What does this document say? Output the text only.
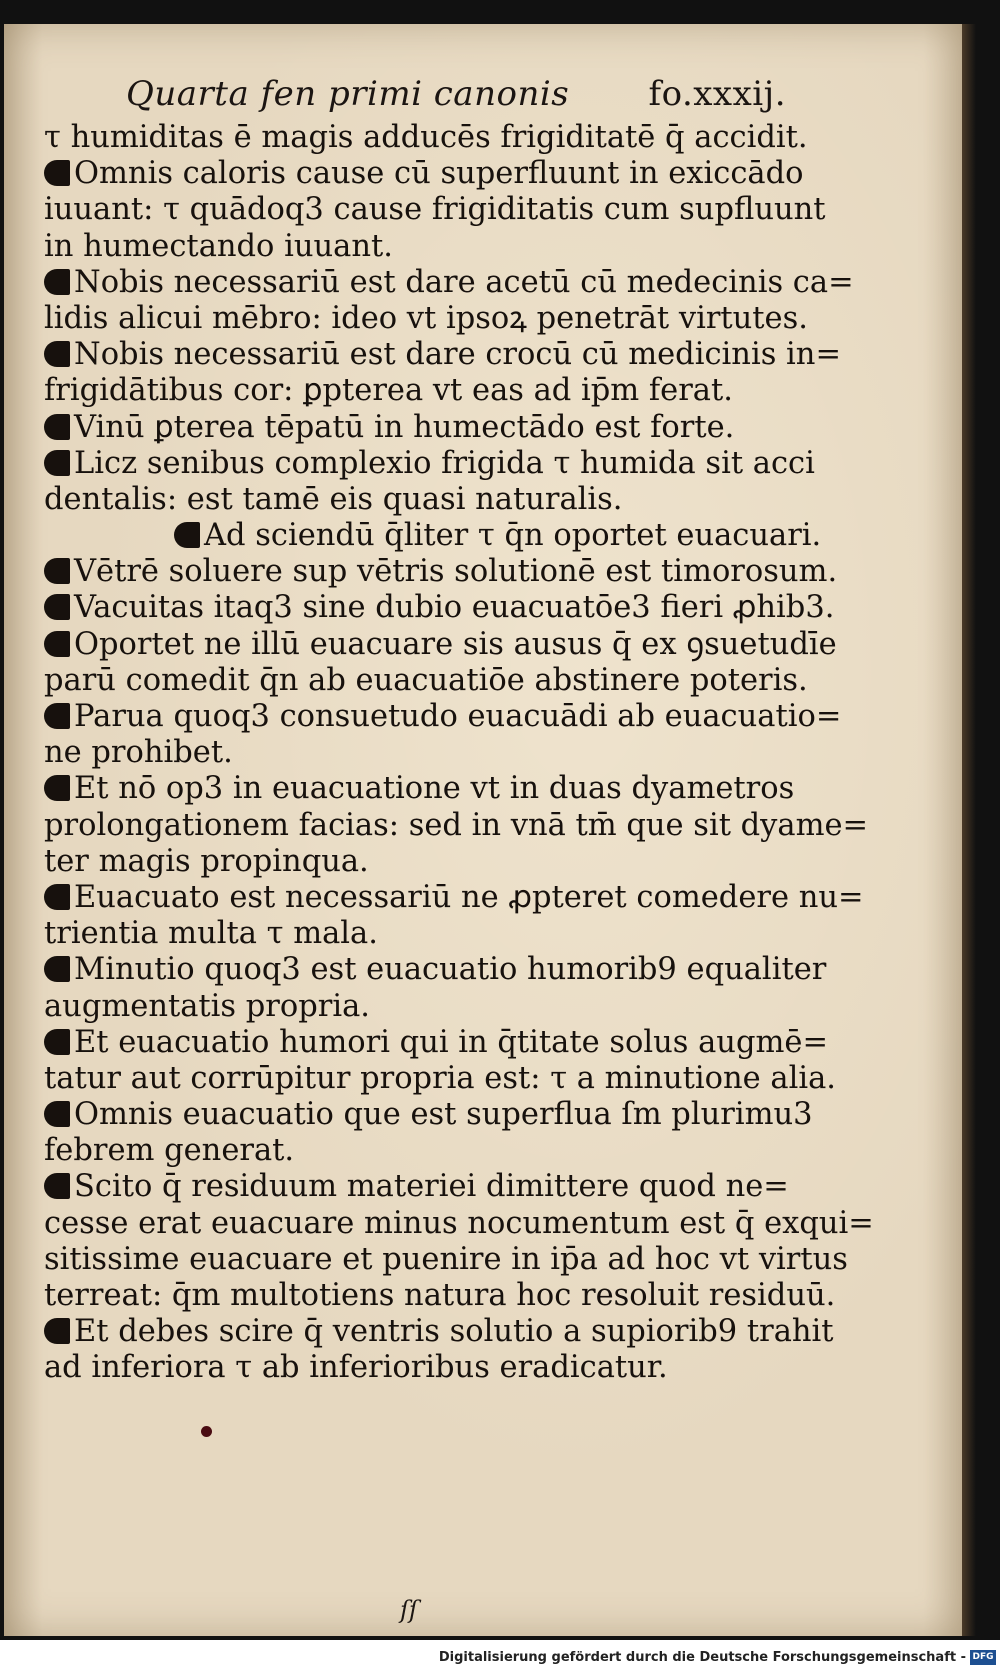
Quarta fen primi canonis fo.xxxij.
τ humiditas ē magis adducēs frigiditatē q̄ accidit.
Omnis caloris cause cū superfluunt in exiccādo
iuuant: τ quādoq3 cause frigiditatis cum supfluunt
in humectando iuuant.
Nobis necessariū est dare acetū cū medecinis ca=
lidis alicui mēbro: ideo vt ipsoꝝ penetrāt virtutes.
Nobis necessariū est dare crocū cū medicinis in=
frigidātibus cor: ꝑpterea vt eas ad ip̄m ferat.
Vinū ꝑterea tēpatū in humectādo est forte.
Licz senibus complexio frigida τ humida sit acci
dentalis: est tamē eis quasi naturalis.
Ad sciendū q̄liter τ q̄n oportet euacuari.
Vētrē soluere sup vētris solutionē est timorosum.
Vacuitas itaq3 sine dubio euacuatōe3 fieri ꝓhib3.
Oportet ne illū euacuare sis ausus q̄ ex ꝯsuetudīe
parū comedit q̄n ab euacuatiōe abstinere poteris.
Parua quoq3 consuetudo euacuādi ab euacuatio=
ne prohibet.
Et nō op3 in euacuatione vt in duas dyametros
prolongationem facias: sed in vnā tm̄ que sit dyame=
ter magis propinqua.
Euacuato est necessariū ne ꝓpteret comedere nu=
trientia multa τ mala.
Minutio quoq3 est euacuatio humorib9 equaliter
augmentatis propria.
Et euacuatio humori qui in q̄titate solus augmē=
tatur aut corrūpitur propria est: τ a minutione alia.
Omnis euacuatio que est superflua ſm plurimu3
febrem generat.
Scito q̄ residuum materiei dimittere quod ne=
cesse erat euacuare minus nocumentum est q̄ exqui=
sitissime euacuare et puenire in ip̄a ad hoc vt virtus
terreat: q̄m multotiens natura hoc resoluit residuū.
Et debes scire q̄ ventris solutio a supiorib9 trahit
ad inferiora τ ab inferioribus eradicatur.
ſſ
Digitalisierung gefördert durch die Deutsche Forschungsgemeinschaft - DFG
